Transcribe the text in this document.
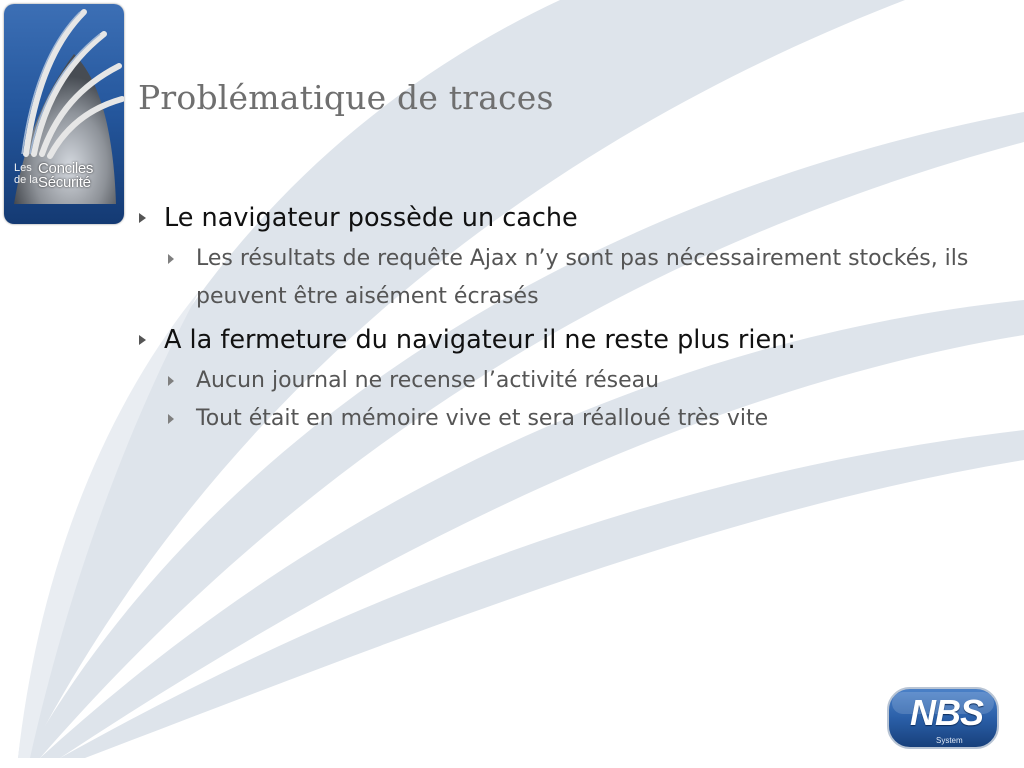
Les Conciles
de la Sécurité
Problématique de traces
Le navigateur possède un cache
Les résultats de requête Ajax n’y sont pas nécessairement stockés, ils peuvent être aisément écrasés
A la fermeture du navigateur il ne reste plus rien:
Aucun journal ne recense l’activité réseau
Tout était en mémoire vive et sera réalloué très vite
NBS
System
